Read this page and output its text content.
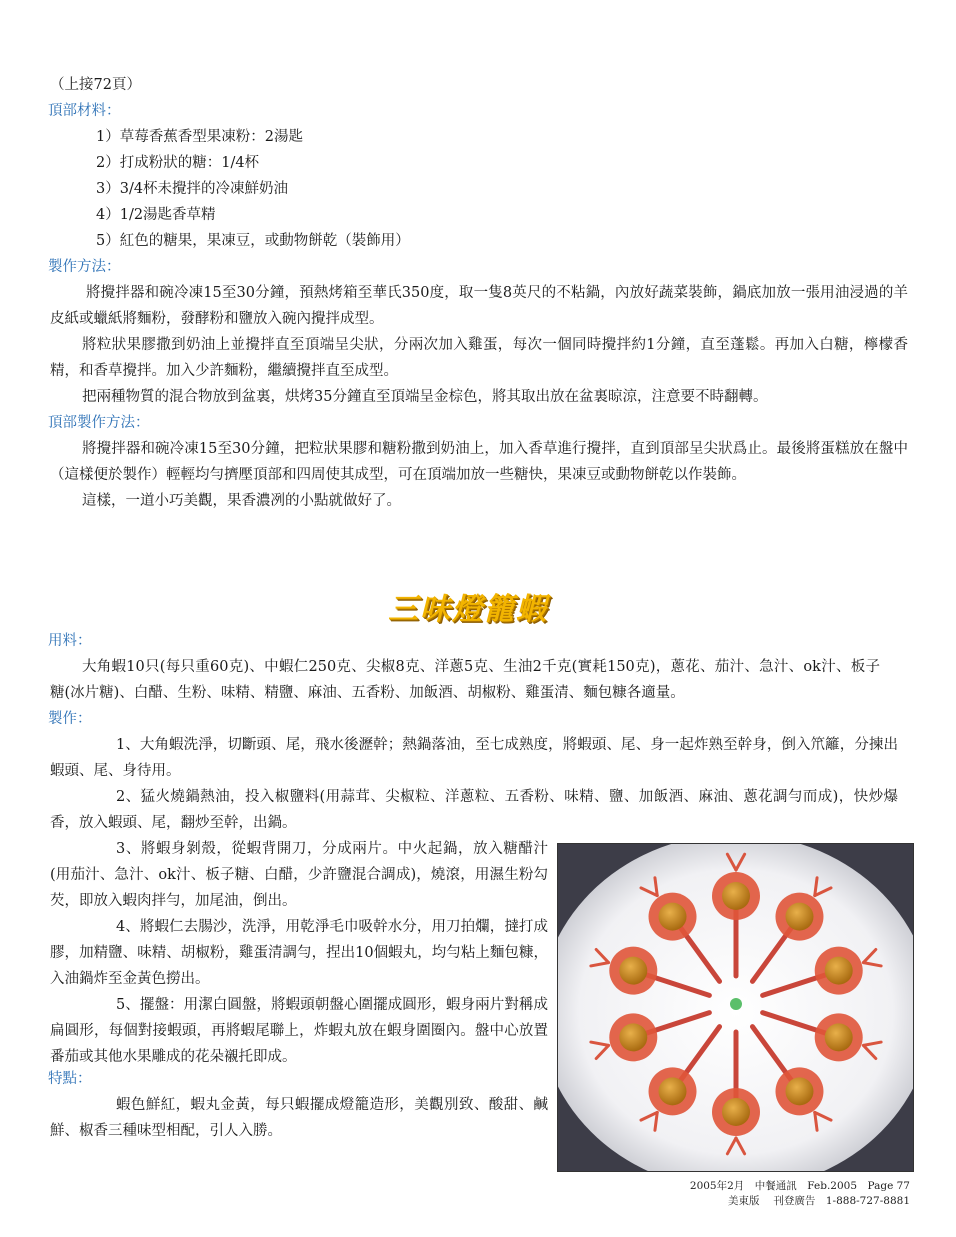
（上接72頁）
頂部材料：
1）草莓香蕉香型果凍粉：2湯匙
2）打成粉狀的糖：1/4杯
3）3/4杯未攪拌的冷凍鮮奶油
4）1/2湯匙香草精
5）紅色的糖果，果凍豆，或動物餅乾（裝飾用）
製作方法：
將攪拌器和碗冷凍15至30分鐘，預熱烤箱至華氏350度，取一隻8英尺的不粘鍋，內放好蔬菜裝飾，鍋底加放一張用油浸過的羊皮紙或蠟紙將麵粉，發酵粉和鹽放入碗內攪拌成型。
將粒狀果膠撒到奶油上並攪拌直至頂端呈尖狀，分兩次加入雞蛋，每次一個同時攪拌約1分鐘，直至蓬鬆。再加入白糖，檸檬香精，和香草攪拌。加入少許麵粉，繼續攪拌直至成型。
把兩種物質的混合物放到盆裏，烘烤35分鐘直至頂端呈金棕色，將其取出放在盆裏晾涼，注意要不時翻轉。
頂部製作方法：
將攪拌器和碗冷凍15至30分鐘，把粒狀果膠和糖粉撒到奶油上，加入香草進行攪拌，直到頂部呈尖狀爲止。最後將蛋糕放在盤中（這樣便於製作）輕輕均勻擠壓頂部和四周使其成型，可在頂端加放一些糖快，果凍豆或動物餅乾以作裝飾。
這樣，一道小巧美觀，果香濃冽的小點就做好了。
三味燈籠蝦
用料：
大角蝦10只(每只重60克)、中蝦仁250克、尖椒8克、洋蔥5克、生油2千克(實耗150克)，蔥花、茄汁、急汁、ok汁、板子糖(冰片糖)、白醋、生粉、味精、精鹽、麻油、五香粉、加飯酒、胡椒粉、雞蛋清、麵包糠各適量。
製作：
1、大角蝦洗淨，切斷頭、尾，飛水後瀝幹；熱鍋落油，至七成熟度，將蝦頭、尾、身一起炸熟至幹身，倒入笊籬，分揀出蝦頭、尾、身待用。
2、猛火燒鍋熱油，投入椒鹽料(用蒜茸、尖椒粒、洋蔥粒、五香粉、味精、鹽、加飯酒、麻油、蔥花調勻而成)，快炒爆香，放入蝦頭、尾，翻炒至幹，出鍋。
3、將蝦身剝殼，從蝦背開刀，分成兩片。中火起鍋，放入糖醋汁(用茄汁、急汁、ok汁、板子糖、白醋，少許鹽混合調成)，燒滾，用濕生粉勾芡，即放入蝦肉拌勻，加尾油，倒出。
4、將蝦仁去腸沙，洗淨，用乾淨毛巾吸幹水分，用刀拍爛，撻打成膠，加精鹽、味精、胡椒粉，雞蛋清調勻，捏出10個蝦丸，均勻粘上麵包糠，入油鍋炸至金黃色撈出。
5、擺盤：用潔白圓盤，將蝦頭朝盤心圍擺成圓形，蝦身兩片對稱成扁圓形，每個對接蝦頭，再將蝦尾聯上，炸蝦丸放在蝦身圍圈內。盤中心放置番茄或其他水果雕成的花朵襯托即成。
特點：
蝦色鮮紅，蝦丸金黃，每只蝦擺成燈籠造形，美觀別致、酸甜、鹹鮮、椒香三種味型相配，引人入勝。
2005年2月　中餐通訊　Feb.2005　Page 77
美東版　 刊登廣告　1-888-727-8881
